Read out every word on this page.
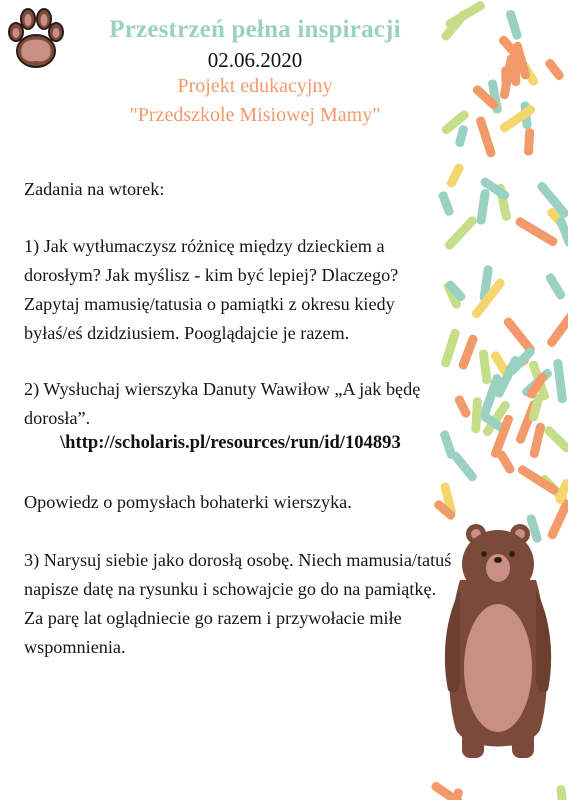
Przestrzeń pełna inspiracji
02.06.2020
Projekt edukacyjny
"Przedszkole Misiowej Mamy"
Zadania na wtorek:
1) Jak wytłumaczysz różnicę między dzieckiem a dorosłym? Jak myślisz - kim być lepiej? Dlaczego? Zapytaj mamusię/tatusia o pamiątki z okresu kiedy byłaś/eś dzidziusiem. Pooglądajcie je razem.
2) Wysłuchaj wierszyka Danuty Wawiłow „A jak będę dorosła”.
\http://scholaris.pl/resources/run/id/104893
Opowiedz o pomysłach bohaterki wierszyka.
3) Narysuj siebie jako dorosłą osobę. Niech mamusia/tatuś napisze datę na rysunku i schowajcie go do na pamiątkę. Za parę lat oglądniecie go razem i przywołacie miłe wspomnienia.
